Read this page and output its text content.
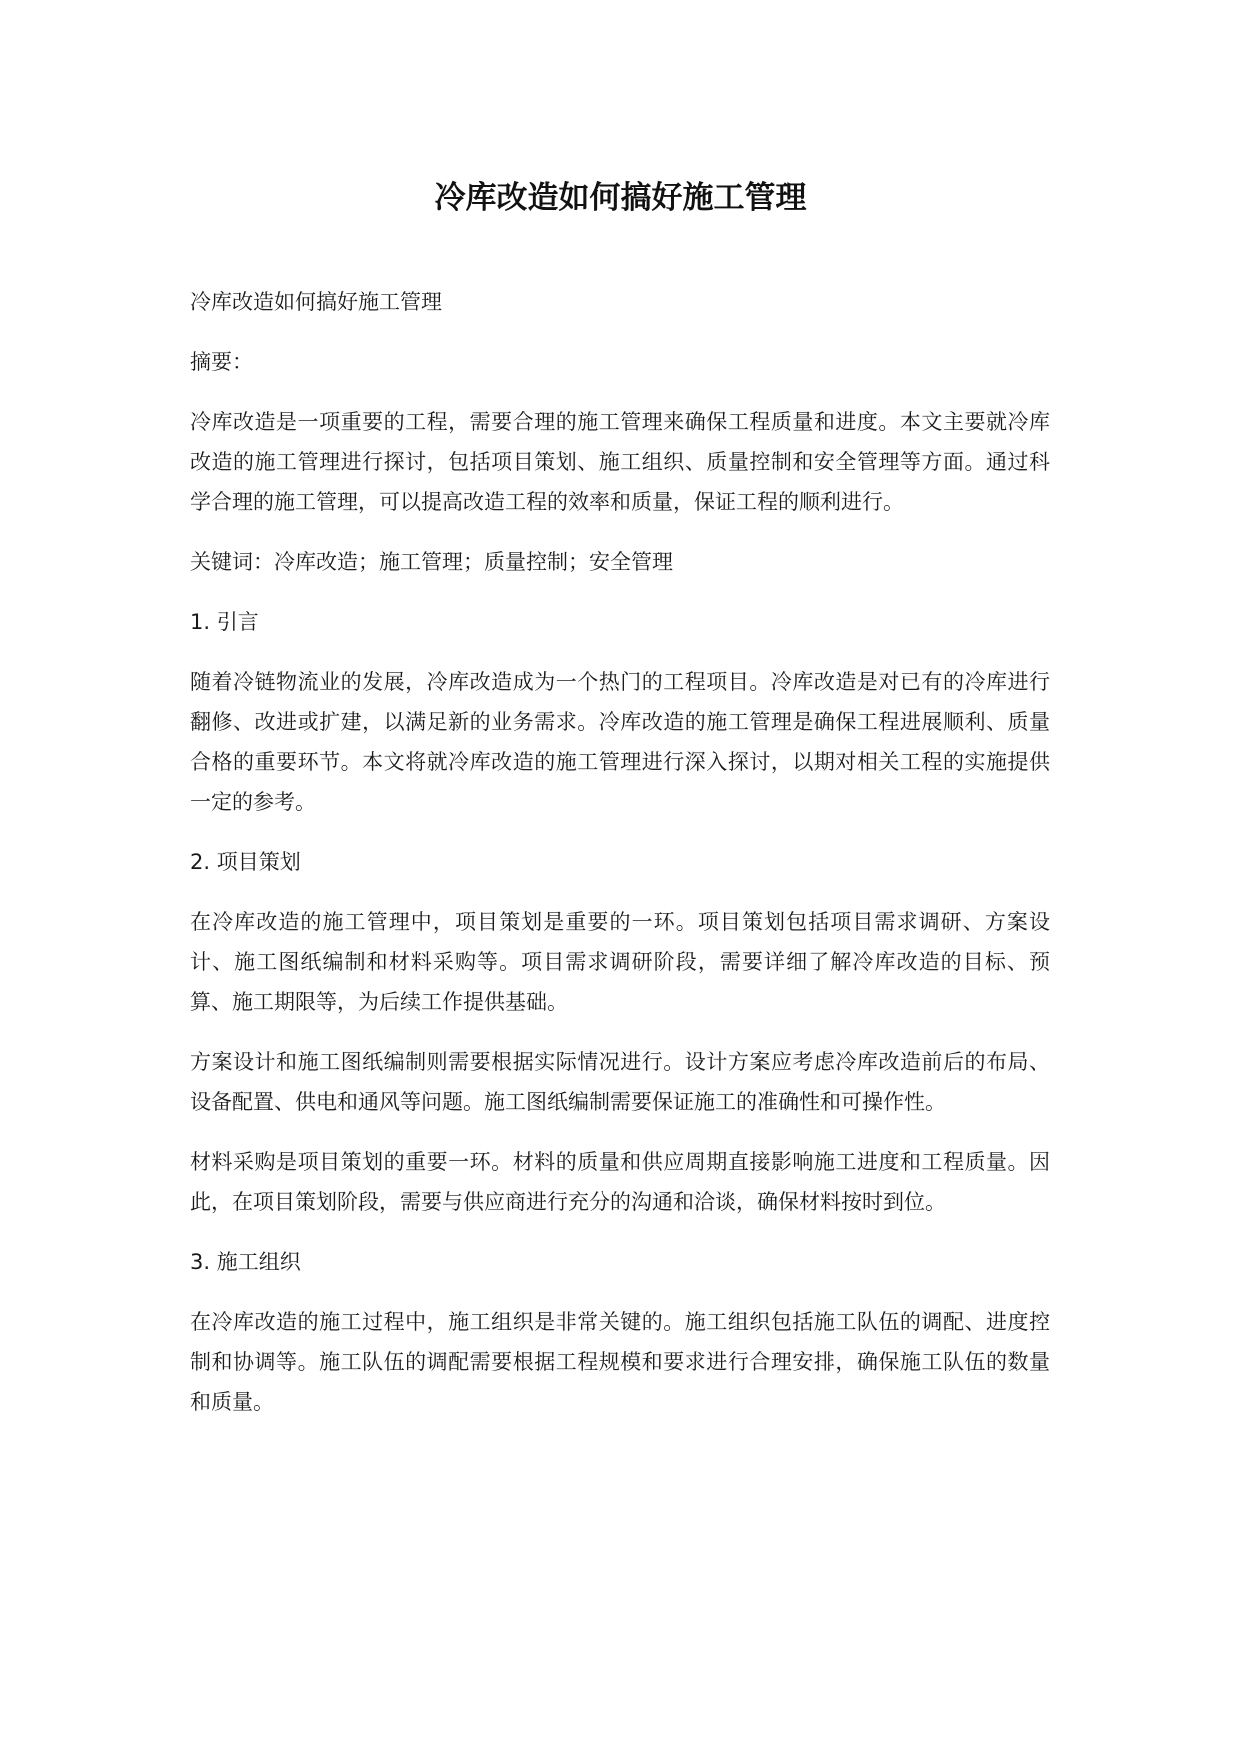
冷库改造如何搞好施工管理

冷库改造如何搞好施工管理

摘要：

冷库改造是一项重要的工程，需要合理的施工管理来确保工程质量和进度。本文主要就冷库改造的施工管理进行探讨，包括项目策划、施工组织、质量控制和安全管理等方面。通过科学合理的施工管理，可以提高改造工程的效率和质量，保证工程的顺利进行。

关键词：冷库改造；施工管理；质量控制；安全管理

1. 引言

随着冷链物流业的发展，冷库改造成为一个热门的工程项目。冷库改造是对已有的冷库进行翻修、改进或扩建，以满足新的业务需求。冷库改造的施工管理是确保工程进展顺利、质量合格的重要环节。本文将就冷库改造的施工管理进行深入探讨，以期对相关工程的实施提供一定的参考。

2. 项目策划

在冷库改造的施工管理中，项目策划是重要的一环。项目策划包括项目需求调研、方案设计、施工图纸编制和材料采购等。项目需求调研阶段，需要详细了解冷库改造的目标、预算、施工期限等，为后续工作提供基础。

方案设计和施工图纸编制则需要根据实际情况进行。设计方案应考虑冷库改造前后的布局、设备配置、供电和通风等问题。施工图纸编制需要保证施工的准确性和可操作性。

材料采购是项目策划的重要一环。材料的质量和供应周期直接影响施工进度和工程质量。因此，在项目策划阶段，需要与供应商进行充分的沟通和洽谈，确保材料按时到位。

3. 施工组织

在冷库改造的施工过程中，施工组织是非常关键的。施工组织包括施工队伍的调配、进度控制和协调等。施工队伍的调配需要根据工程规模和要求进行合理安排，确保施工队伍的数量和质量。
